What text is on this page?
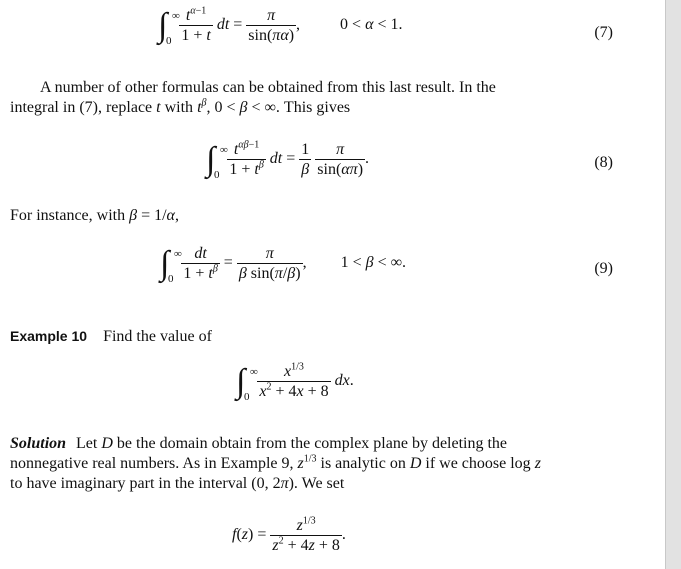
∫ ∞
0
$\frac{t^{\alpha-1}}{1 + t}$ dt = $\frac{\pi}{\sin(\pi\alpha)}$ , 0 < α < 1.	(7)
A number of other formulas can be obtained from this last result. In the
integral in (7), replace t with $t^\beta$, 0 < β < ∞. This gives
∫ ∞
0
$\frac{t^{\alpha\beta-1}}{1 + t^\beta}$ dt = $\frac{1}{\beta}$
$\frac{\pi}{\sin(\alpha\pi)}$ .	(8)
For instance, with β = 1/α,
∫ ∞
0
$\frac{dt}{1 + t^\beta} = \frac{\pi}{\text{β sin(π/β)}}$ , 1 < β < ∞.	(9)
Example 10 Find the value of
∫ ∞
0
$\frac{x^{1/3}}{x^2 + 4x + 8}$ dx.
Solution Let D be the domain obtain from the complex plane by deleting the
nonnegative real numbers. As in Example 9, $z^{1/3}$ is analytic on D if we choose log z
to have imaginary part in the interval (0, 2π). We set
$f(z) = \frac{z^{1/3}}{z^2 + 4z + 8}$ .
